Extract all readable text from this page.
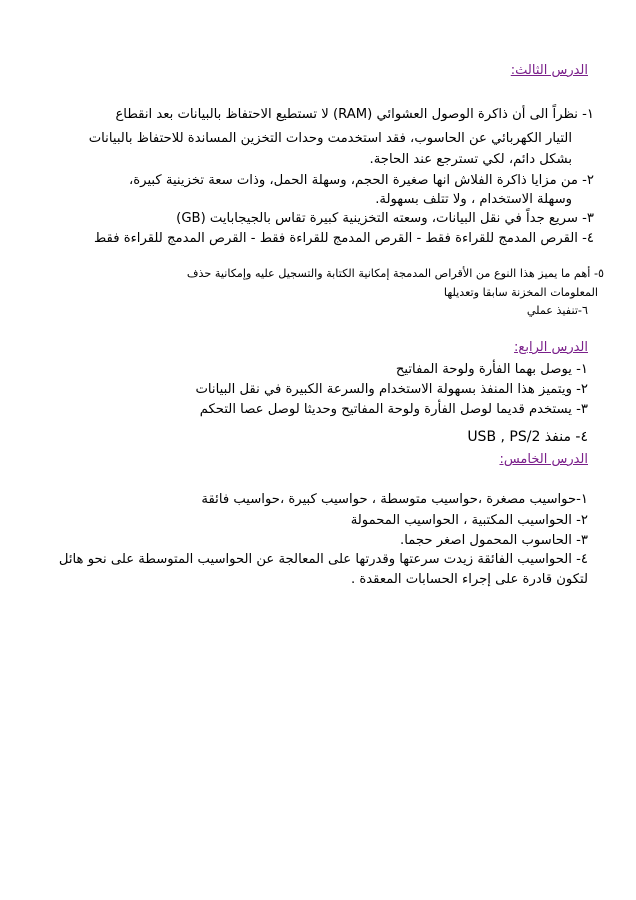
الدرس الثالث:
١- نظراً الى أن ذاكرة الوصول العشوائي (RAM) لا تستطيع الاحتفاظ بالبيانات بعد انقطاع
التيار الكهربائي عن الحاسوب، فقد استخدمت وحدات التخزين المساندة للاحتفاظ بالبيانات
بشكل دائم، لكي تسترجع عند الحاجة.
٢- من مزايا ذاكرة الفلاش انها صغيرة الحجم، وسهلة الحمل، وذات سعة تخزينية كبيرة،
وسهلة الاستخدام ، ولا تتلف بسهولة.
٣- سريع جداً في نقل البيانات، وسعته التخزينية كبيرة تقاس بالجيجابايت (GB)
٤- القرص المدمج للقراءة فقط - القرص المدمج للقراءة فقط - القرص المدمج للقراءة فقط
٥- أهم ما يميز هذا النوع من الأقراص المدمجة إمكانية الكتابة والتسجيل عليه وإمكانية حذف
المعلومات المخزنة سابقا وتعديلها
٦-تنفيذ عملي
الدرس الرابع:
١- يوصل بهما الفأرة ولوحة المفاتيح
٢- ويتميز هذا المنفذ بسهولة الاستخدام والسرعة الكبيرة في نقل البيانات
٣- يستخدم قديما لوصل الفأرة ولوحة المفاتيح وحديثا لوصل عصا التحكم
٤- منفذ USB , PS/2
الدرس الخامس:
١-حواسيب مصغرة ،حواسيب متوسطة ، حواسيب كبيرة ،حواسيب فائقة
٢- الحواسيب المكتبية ، الحواسيب المحمولة
٣- الحاسوب المحمول اصغر حجما.
٤- الحواسيب الفائقة زيدت سرعتها وقدرتها على المعالجة عن الحواسيب المتوسطة على نحو هائل
لتكون قادرة على إجراء الحسابات المعقدة .
